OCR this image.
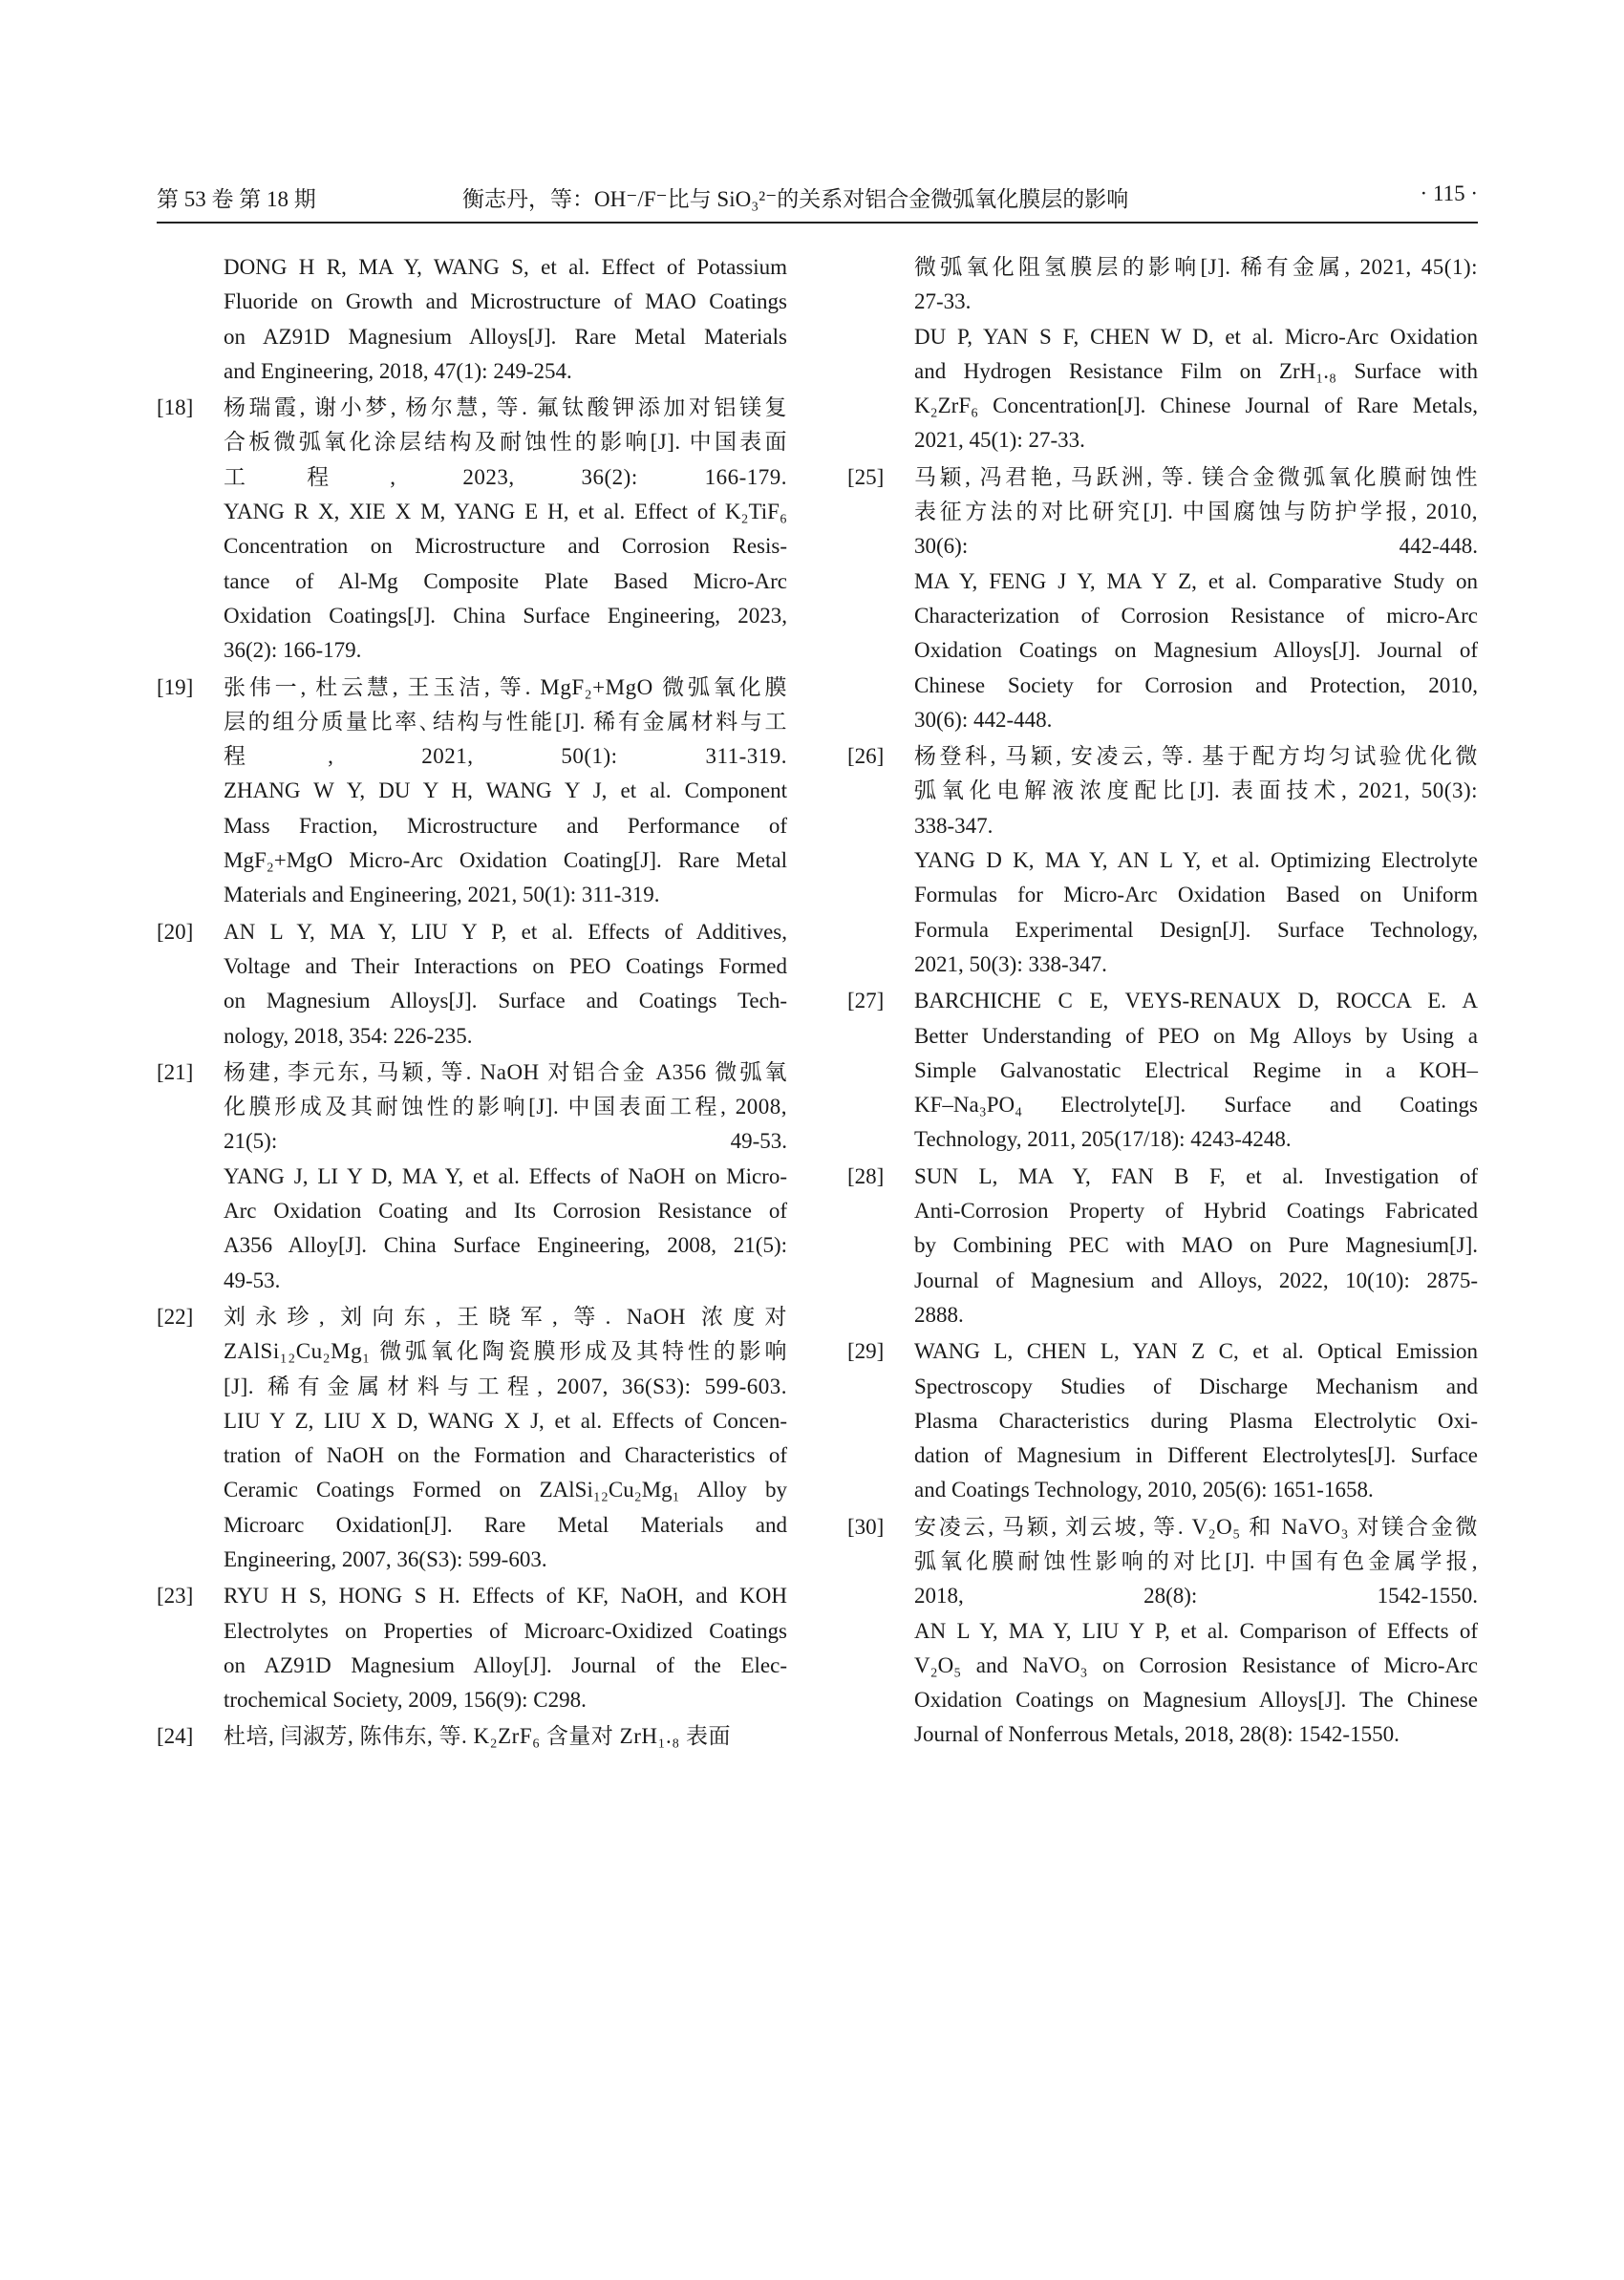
第 53 卷 第 18 期	衡志丹，等：OH⁻/F⁻比与 SiO₃²⁻的关系对铝合金微弧氧化膜层的影响	· 115 ·
DONG H R, MA Y, WANG S, et al. Effect of Potassium
Fluoride on Growth and Microstructure of MAO Coatings
on AZ91D Magnesium Alloys[J]. Rare Metal Materials
and Engineering, 2018, 47(1): 249-254.
[18] 杨瑞霞, 谢小梦, 杨尔慧, 等. 氟钛酸钾添加对铝镁复
合板微弧氧化涂层结构及耐蚀性的影响[J]. 中国表面
工程, 2023, 36(2): 166-179.
YANG R X, XIE X M, YANG E H, et al. Effect of K₂TiF₆
Concentration on Microstructure and Corrosion Resis-
tance of Al-Mg Composite Plate Based Micro-Arc
Oxidation Coatings[J]. China Surface Engineering, 2023,
36(2): 166-179.
[19] 张伟一, 杜云慧, 王玉洁, 等. MgF₂+MgO 微弧氧化膜
层的组分质量比率､结构与性能[J]. 稀有金属材料与工
程, 2021, 50(1): 311-319.
ZHANG W Y, DU Y H, WANG Y J, et al. Component
Mass Fraction, Microstructure and Performance of
MgF₂+MgO Micro-Arc Oxidation Coating[J]. Rare Metal
Materials and Engineering, 2021, 50(1): 311-319.
[20] AN L Y, MA Y, LIU Y P, et al. Effects of Additives,
Voltage and Their Interactions on PEO Coatings Formed
on Magnesium Alloys[J]. Surface and Coatings Tech-
nology, 2018, 354: 226-235.
[21] 杨建, 李元东, 马颖, 等. NaOH 对铝合金 A356 微弧氧
化膜形成及其耐蚀性的影响[J]. 中国表面工程, 2008,
21(5): 49-53.
YANG J, LI Y D, MA Y, et al. Effects of NaOH on Micro-
Arc Oxidation Coating and Its Corrosion Resistance of
A356 Alloy[J]. China Surface Engineering, 2008, 21(5):
49-53.
[22] 刘永珍, 刘向东, 王晓军, 等. NaOH 浓度对
ZAlSi₁₂Cu₂Mg₁ 微弧氧化陶瓷膜形成及其特性的影响
[J]. 稀有金属材料与工程, 2007, 36(S3): 599-603.
LIU Y Z, LIU X D, WANG X J, et al. Effects of Concen-
tration of NaOH on the Formation and Characteristics of
Ceramic Coatings Formed on ZAlSi₁₂Cu₂Mg₁ Alloy by
Microarc Oxidation[J]. Rare Metal Materials and
Engineering, 2007, 36(S3): 599-603.
[23] RYU H S, HONG S H. Effects of KF, NaOH, and KOH
Electrolytes on Properties of Microarc-Oxidized Coatings
on AZ91D Magnesium Alloy[J]. Journal of the Elec-
trochemical Society, 2009, 156(9): C298.
[24] 杜培, 闫淑芳, 陈伟东, 等. K₂ZrF₆ 含量对 ZrH₁.₈ 表面
微弧氧化阻氢膜层的影响[J]. 稀有金属, 2021, 45(1):
27-33.
DU P, YAN S F, CHEN W D, et al. Micro-Arc Oxidation
and Hydrogen Resistance Film on ZrH₁.₈ Surface with
K₂ZrF₆ Concentration[J]. Chinese Journal of Rare Metals,
2021, 45(1): 27-33.
[25] 马颖, 冯君艳, 马跃洲, 等. 镁合金微弧氧化膜耐蚀性
表征方法的对比研究[J]. 中国腐蚀与防护学报, 2010,
30(6): 442-448.
MA Y, FENG J Y, MA Y Z, et al. Comparative Study on
Characterization of Corrosion Resistance of micro-Arc
Oxidation Coatings on Magnesium Alloys[J]. Journal of
Chinese Society for Corrosion and Protection, 2010,
30(6): 442-448.
[26] 杨登科, 马颖, 安凌云, 等. 基于配方均匀试验优化微
弧氧化电解液浓度配比[J]. 表面技术, 2021, 50(3):
338-347.
YANG D K, MA Y, AN L Y, et al. Optimizing Electrolyte
Formulas for Micro-Arc Oxidation Based on Uniform
Formula Experimental Design[J]. Surface Technology,
2021, 50(3): 338-347.
[27] BARCHICHE C E, VEYS-RENAUX D, ROCCA E. A
Better Understanding of PEO on Mg Alloys by Using a
Simple Galvanostatic Electrical Regime in a KOH–
KF–Na₃PO₄ Electrolyte[J]. Surface and Coatings
Technology, 2011, 205(17/18): 4243-4248.
[28] SUN L, MA Y, FAN B F, et al. Investigation of
Anti-Corrosion Property of Hybrid Coatings Fabricated
by Combining PEC with MAO on Pure Magnesium[J].
Journal of Magnesium and Alloys, 2022, 10(10): 2875-
2888.
[29] WANG L, CHEN L, YAN Z C, et al. Optical Emission
Spectroscopy Studies of Discharge Mechanism and
Plasma Characteristics during Plasma Electrolytic Oxi-
dation of Magnesium in Different Electrolytes[J]. Surface
and Coatings Technology, 2010, 205(6): 1651-1658.
[30] 安凌云, 马颖, 刘云坡, 等. V₂O₅ 和 NaVO₃ 对镁合金微
弧氧化膜耐蚀性影响的对比[J]. 中国有色金属学报,
2018, 28(8): 1542-1550.
AN L Y, MA Y, LIU Y P, et al. Comparison of Effects of
V₂O₅ and NaVO₃ on Corrosion Resistance of Micro-Arc
Oxidation Coatings on Magnesium Alloys[J]. The Chinese
Journal of Nonferrous Metals, 2018, 28(8): 1542-1550.
